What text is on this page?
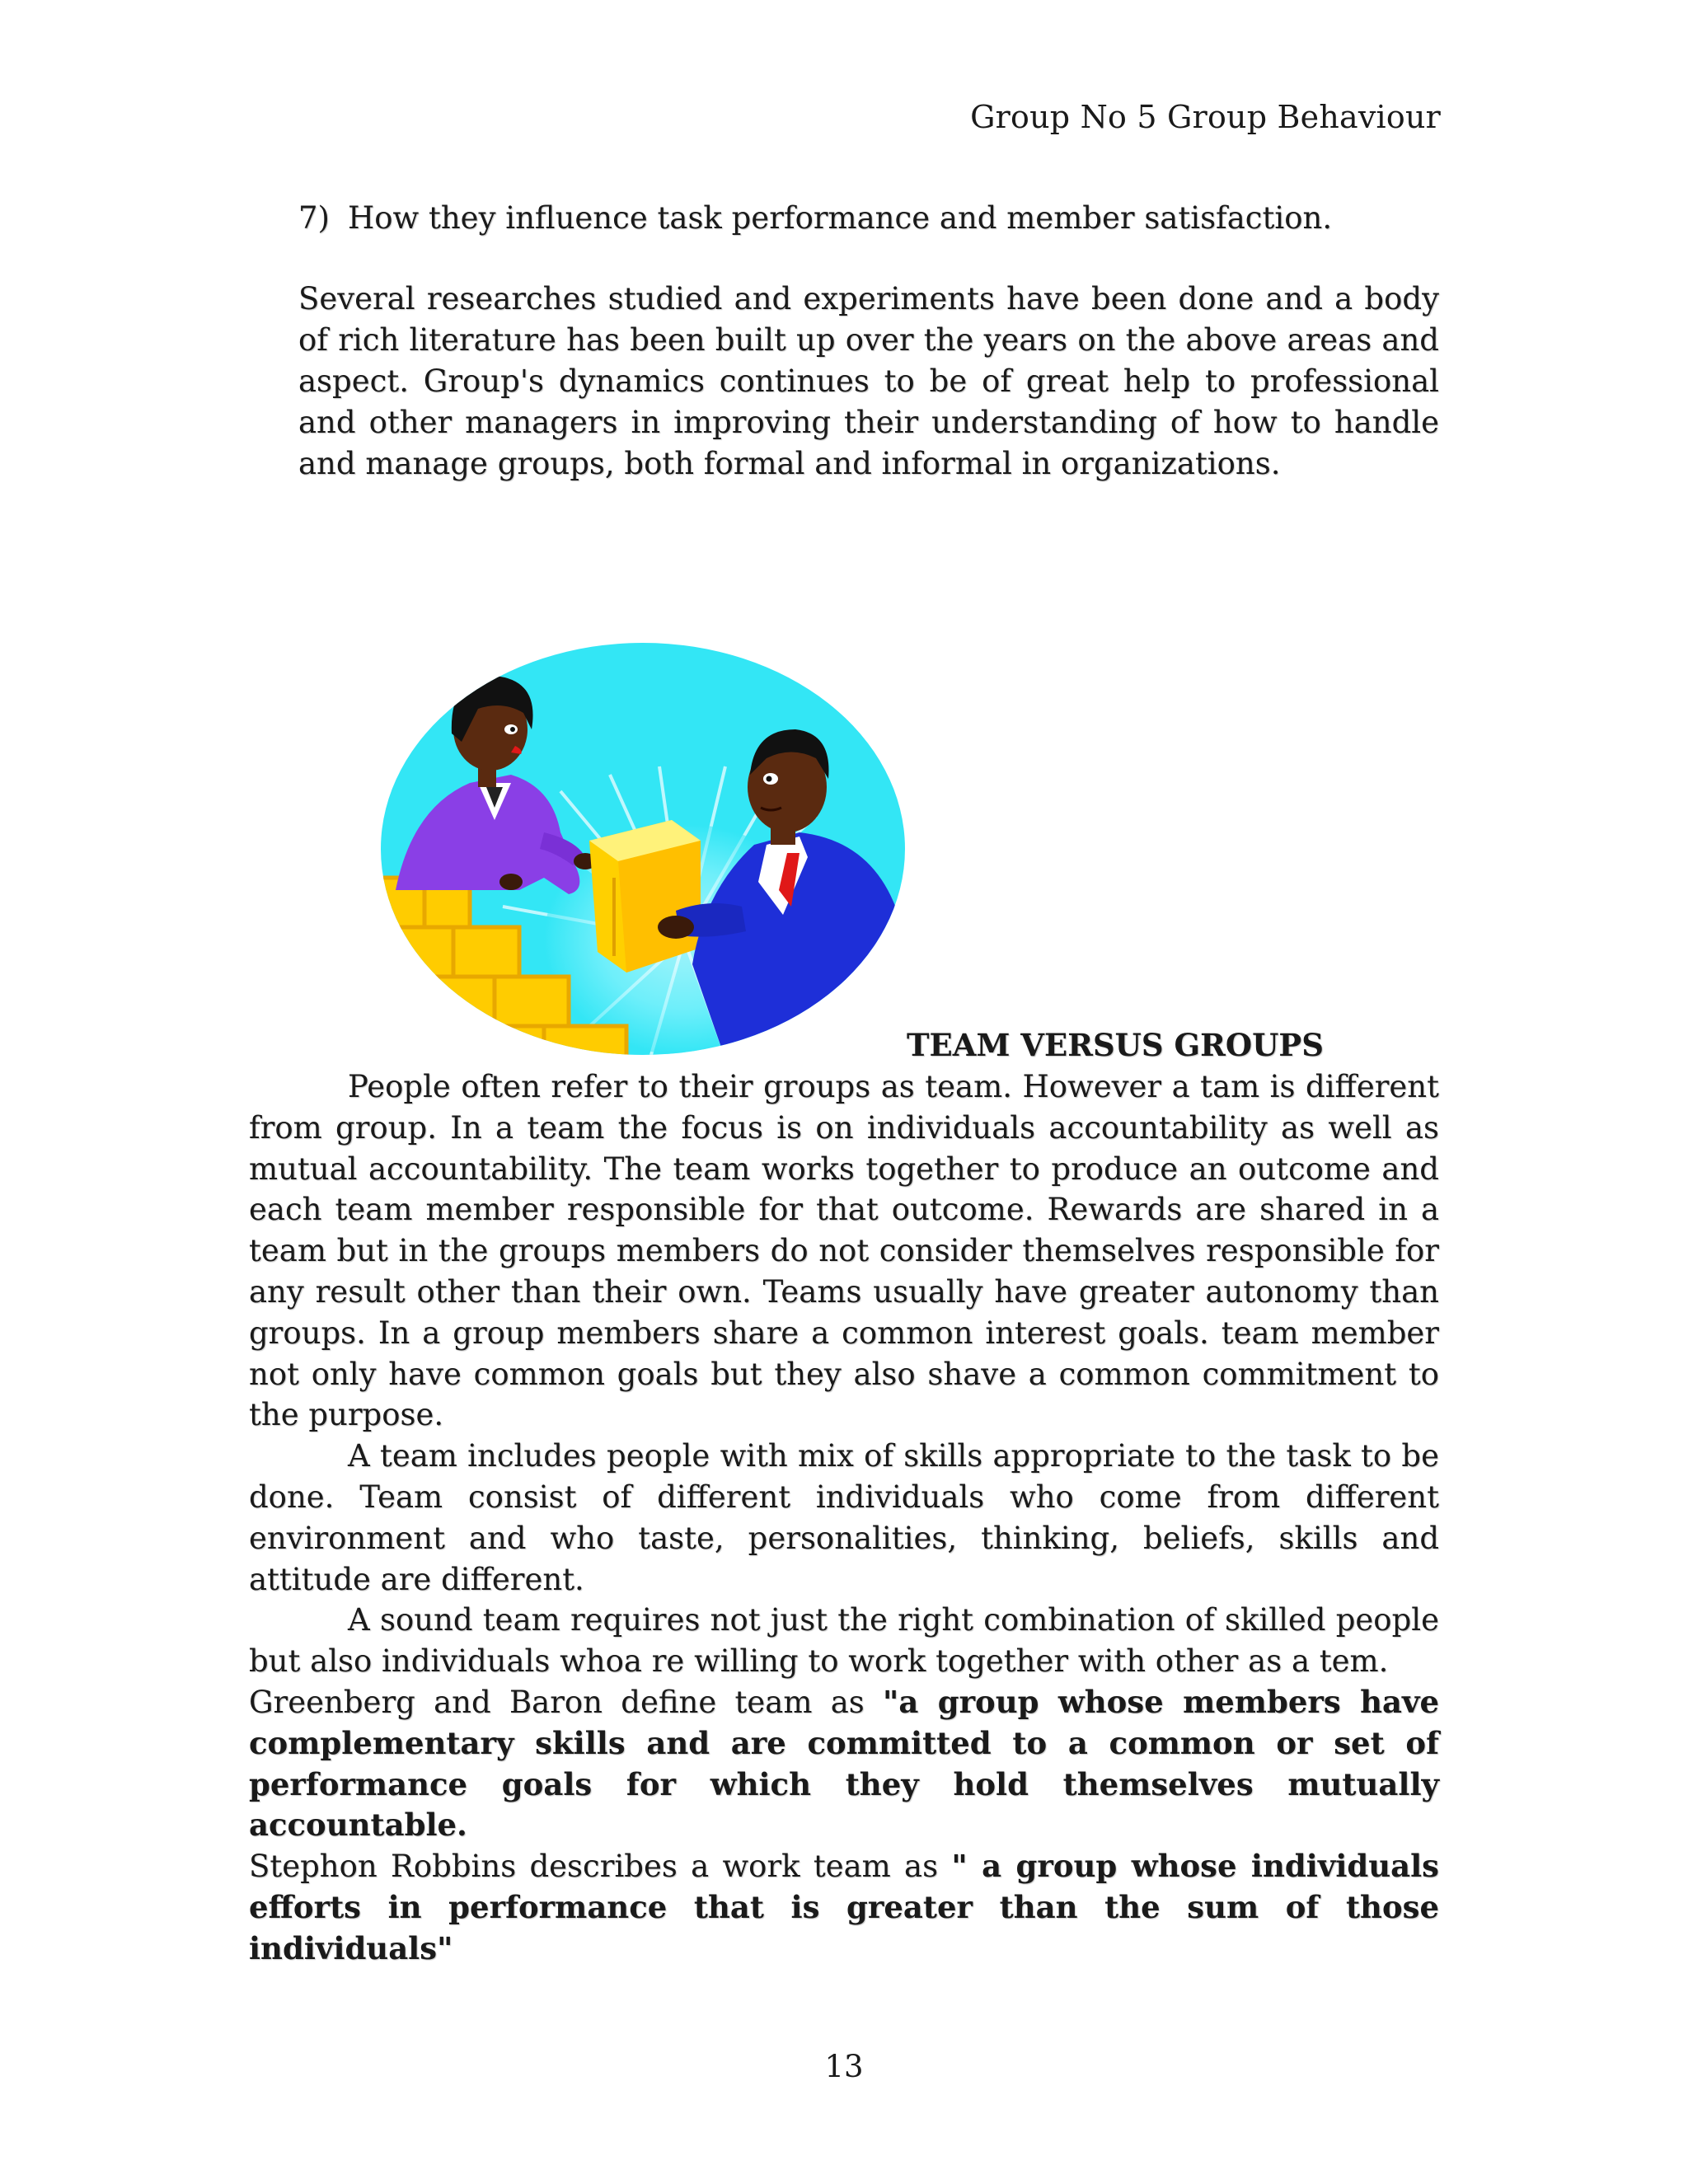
Group No 5 Group Behaviour
7) How they influence task performance and member satisfaction.

Several researches studied and experiments have been done and a body of rich literature has been built up over the years on the above areas and aspect. Group's dynamics continues to be of great help to professional and other managers in improving their understanding of how to handle and manage groups, both formal and informal in organizations.

TEAM VERSUS GROUPS

People often refer to their groups as team. However a tam is different from group. In a team the focus is on individuals accountability as well as mutual accountability. The team works together to produce an outcome and each team member responsible for that outcome. Rewards are shared in a team but in the groups members do not consider themselves responsible for any result other than their own. Teams usually have greater autonomy than groups. In a group members share a common interest goals. team member not only have common goals but they also shave a common commitment to the purpose.

A team includes people with mix of skills appropriate to the task to be done. Team consist of different individuals who come from different environment and who taste, personalities, thinking, beliefs, skills and attitude are different.

A sound team requires not just the right combination of skilled people but also individuals whoa re willing to work together with other as a tem.

Greenberg and Baron define team as "a group whose members have complementary skills and are committed to a common or set of performance goals for which they hold themselves mutually accountable.

Stephon Robbins describes a work team as " a group whose individuals efforts in performance that is greater than the sum of those individuals"

13
